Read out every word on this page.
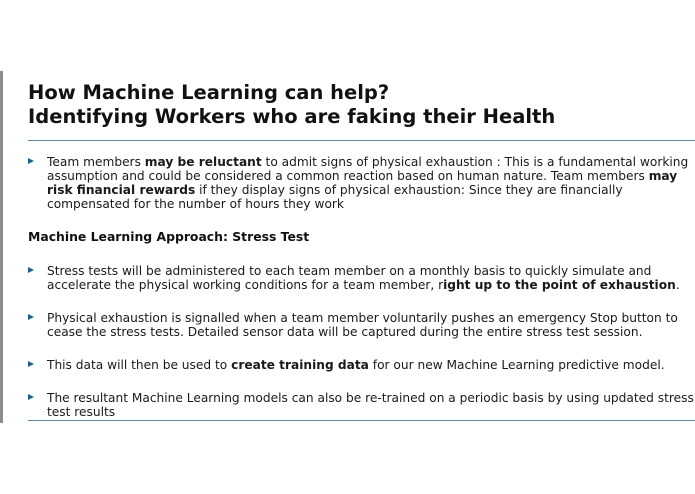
How Machine Learning can help?
Identifying Workers who are faking their Health
Team members may be reluctant to admit signs of physical exhaustion : This is a fundamental working
assumption and could be considered a common reaction based on human nature. Team members may
risk financial rewards if they display signs of physical exhaustion: Since they are financially
compensated for the number of hours they work
Machine Learning Approach: Stress Test
Stress tests will be administered to each team member on a monthly basis to quickly simulate and
accelerate the physical working conditions for a team member, right up to the point of exhaustion.
Physical exhaustion is signalled when a team member voluntarily pushes an emergency Stop button to
cease the stress tests. Detailed sensor data will be captured during the entire stress test session.
This data will then be used to create training data for our new Machine Learning predictive model.
The resultant Machine Learning models can also be re-trained on a periodic basis by using updated stress
test results
